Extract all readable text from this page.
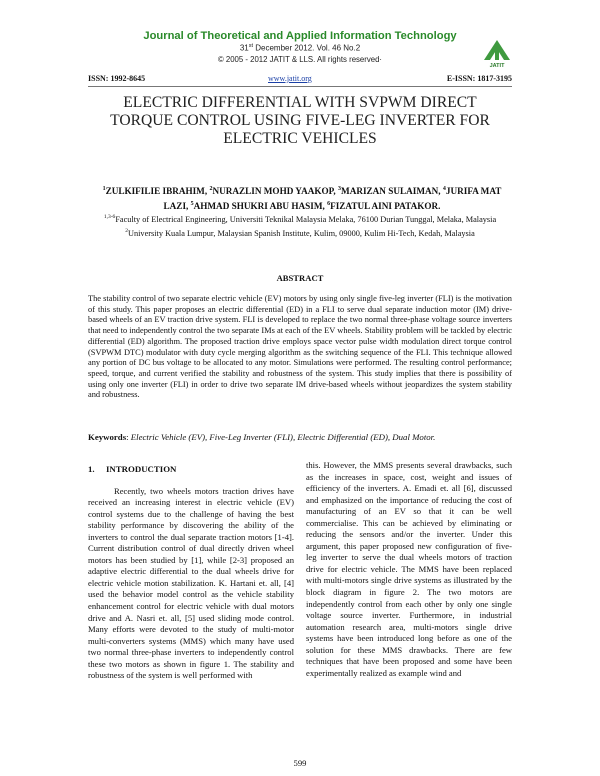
Journal of Theoretical and Applied Information Technology
31st December 2012. Vol. 46 No.2
© 2005 - 2012 JATIT & LLS. All rights reserved·
JATIT
ISSN: 1992-8645	www.jatit.org	E-ISSN: 1817-3195
ELECTRIC DIFFERENTIAL WITH SVPWM DIRECT
TORQUE CONTROL USING FIVE-LEG INVERTER FOR
ELECTRIC VEHICLES
$^1$ZULKIFILIE IBRAHIM, $^2$NURAZLIN MOHD YAAKOP, $^3$MARIZAN SULAIMAN, $^4$JURIFA MAT LAZI, $^5$AHMAD SHUKRI ABU HASIM, $^6$FIZATUL AINI PATAKOR.
$^{1,3-6}$Faculty of Electrical Engineering, Universiti Teknikal Malaysia Melaka, 76100 Durian Tunggal, Melaka, Malaysia
$^2$University Kuala Lumpur, Malaysian Spanish Institute, Kulim, 09000, Kulim Hi-Tech, Kedah, Malaysia
ABSTRACT
The stability control of two separate electric vehicle (EV) motors by using only single five-leg inverter (FLI) is the motivation of this study. This paper proposes an electric differential (ED) in a FLI to serve dual separate induction motor (IM) drive-based wheels of an EV traction drive system. FLI is developed to replace the two normal three-phase voltage source inverters that need to independently control the two separate IMs at each of the EV wheels. Stability problem will be tackled by electric differential (ED) algorithm. The proposed traction drive employs space vector pulse width modulation direct torque control (SVPWM DTC) modulator with duty cycle merging algorithm as the switching sequence of the FLI. This technique allowed any portion of DC bus voltage to be allocated to any motor. Simulations were performed. The resulting control performance; speed, torque, and current verified the stability and robustness of the system. This study implies that there is possibility of using only one inverter (FLI) in order to drive two separate IM drive-based wheels without jeopardizes the system stability and robustness.
Keywords: Electric Vehicle (EV), Five-Leg Inverter (FLI), Electric Differential (ED), Dual Motor.
1. INTRODUCTION

Recently, two wheels motors traction drives have received an increasing interest in electric vehicle (EV) control systems due to the challenge of having the best stability performance by discovering the ability of the inverters to control the dual separate traction motors [1-4]. Current distribution control of dual directly driven wheel motors has been studied by [1], while [2-3] proposed an adaptive electric differential to the dual wheels drive for electric vehicle motion stabilization. K. Hartani et. all, [4] used the behavior model control as the vehicle stability enhancement control for electric vehicle with dual motors drive and A. Nasri et. all, [5] used sliding mode control. Many efforts were devoted to the study of multi-motor multi-converters systems (MMS) which many have used two normal three-phase inverters to independently control these two motors as shown in figure 1. The stability and robustness of the system is well performed with

this. However, the MMS presents several drawbacks, such as the increases in space, cost, weight and issues of efficiency of the inverters. A. Emadi et. all [6], discussed and emphasized on the importance of reducing the cost of manufacturing of an EV so that it can be well commercialise. This can be achieved by eliminating or reducing the sensors and/or the inverter. Under this argument, this paper proposed new configuration of five-leg inverter to serve the dual wheels motors of traction drive for electric vehicle. The MMS have been replaced with multi-motors single drive systems as illustrated by the block diagram in figure 2. The two motors are independently control from each other by only one single voltage source inverter. Furthermore, in industrial automation research area, multi-motors single drive systems have been introduced long before as one of the solution for these MMS drawbacks. There are few techniques that have been proposed and some have been experimentally realized as example wind and

599
